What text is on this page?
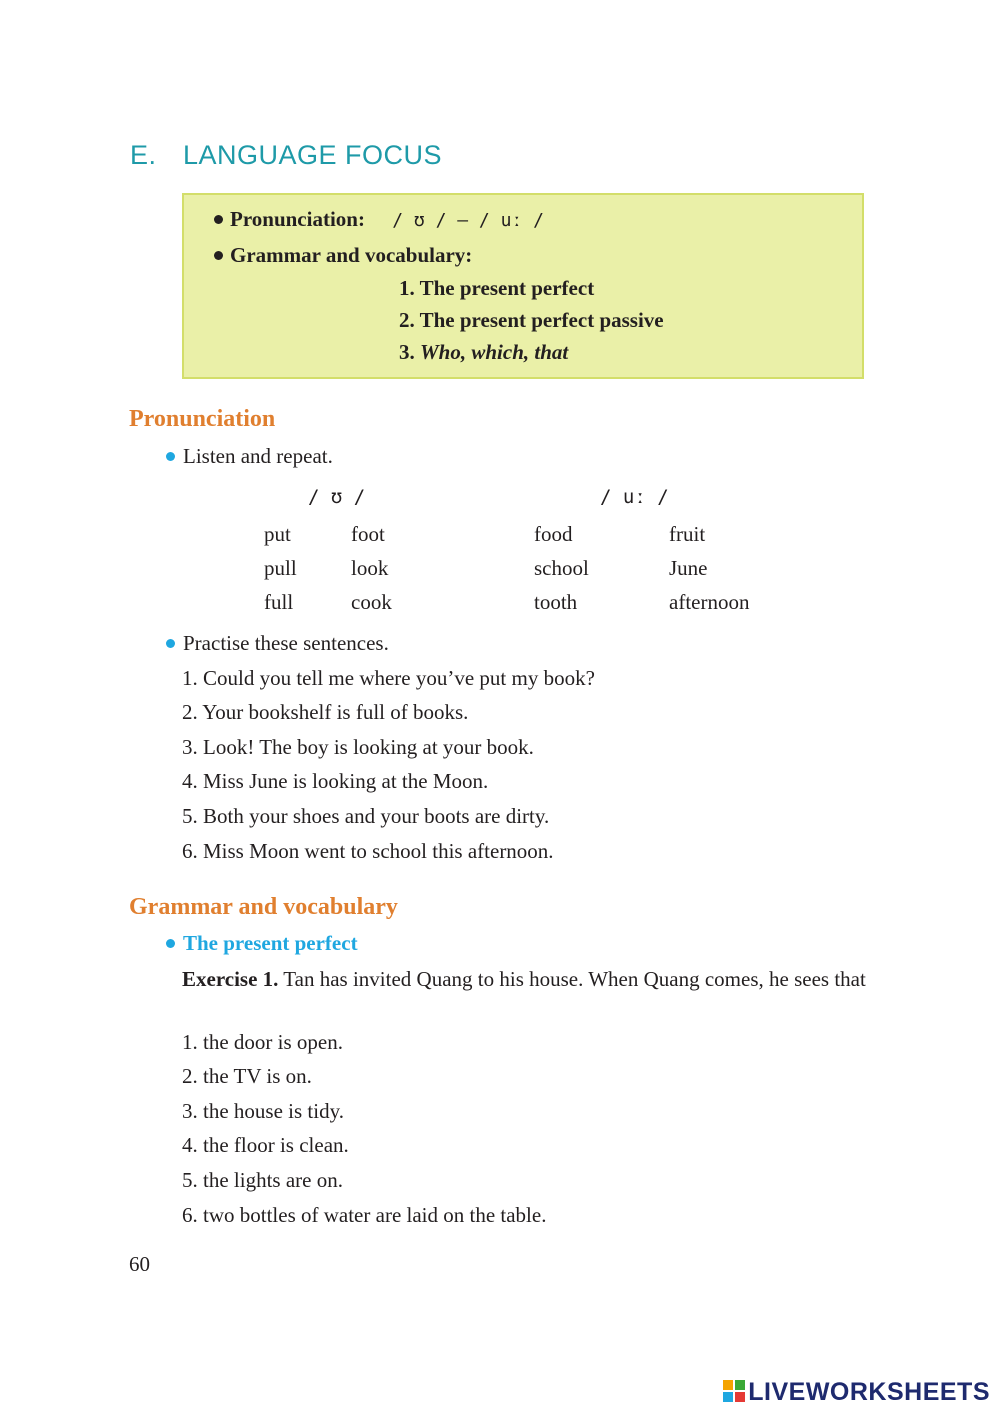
E. LANGUAGE FOCUS
Pronunciation: / ʊ / – / uː /
Grammar and vocabulary:
1. The present perfect
2. The present perfect passive
3. Who, which, that
Pronunciation
Listen and repeat.
/ ʊ /	/ uː /
put	foot	food	fruit
pull	look	school	June
full	cook	tooth	afternoon
Practise these sentences.
1. Could you tell me where you’ve put my book?
2. Your bookshelf is full of books.
3. Look! The boy is looking at your book.
4. Miss June is looking at the Moon.
5. Both your shoes and your boots are dirty.
6. Miss Moon went to school this afternoon.
Grammar and vocabulary
The present perfect
Exercise 1. Tan has invited Quang to his house. When Quang comes, he sees that
1. the door is open.
2. the TV is on.
3. the house is tidy.
4. the floor is clean.
5. the lights are on.
6. two bottles of water are laid on the table.
60
LIVEWORKSHEETS
